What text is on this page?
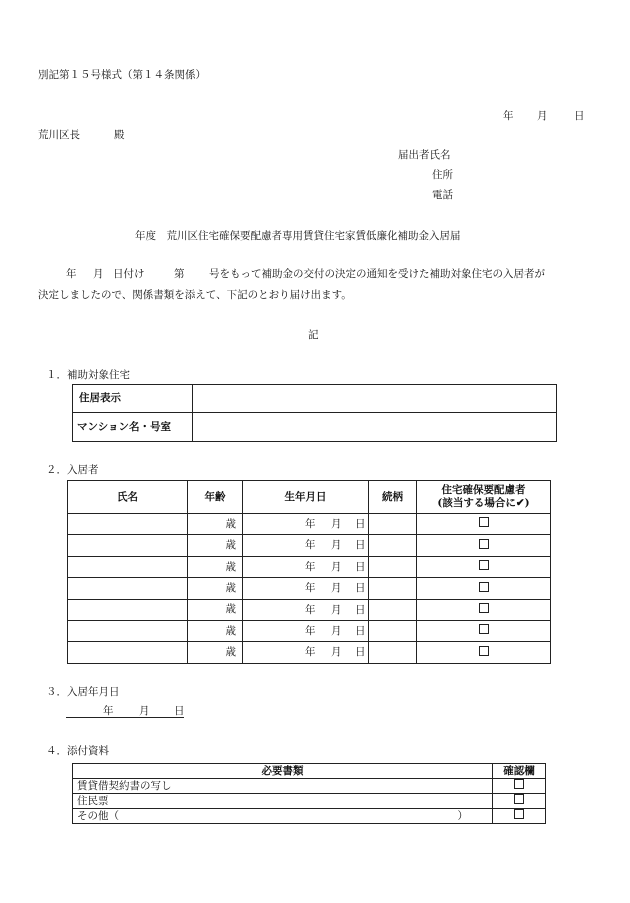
別記第１５号様式（第１４条関係）
年 月	日
荒川区長	殿
届出者氏名
住所
電話
年度　荒川区住宅確保要配慮者専用賃貸住宅家賃低廉化補助金入居届
年 月 日付け	第 号をもって補助金の交付の決定の通知を受けた補助対象住宅の入居者が
決定しましたので、関係書類を添えて、下記のとおり届け出ます。
記
１．補助対象住宅
住居表示	
マンション名・号室	
２．入居者
氏名	年齢	生年月日	続柄	住宅確保要配慮者
(該当する場合に✔)

	歳	年 月 日		

	歳	年 月 日		

	歳	年 月 日		

	歳	年 月 日		

	歳	年 月 日		

	歳	年 月 日		

	歳	年 月 日		

３．入居年月日
年 月 日
４．添付資料
必要書類	確認欄
賃貸借契約書の写し	
住民票	
その他（ ）	
